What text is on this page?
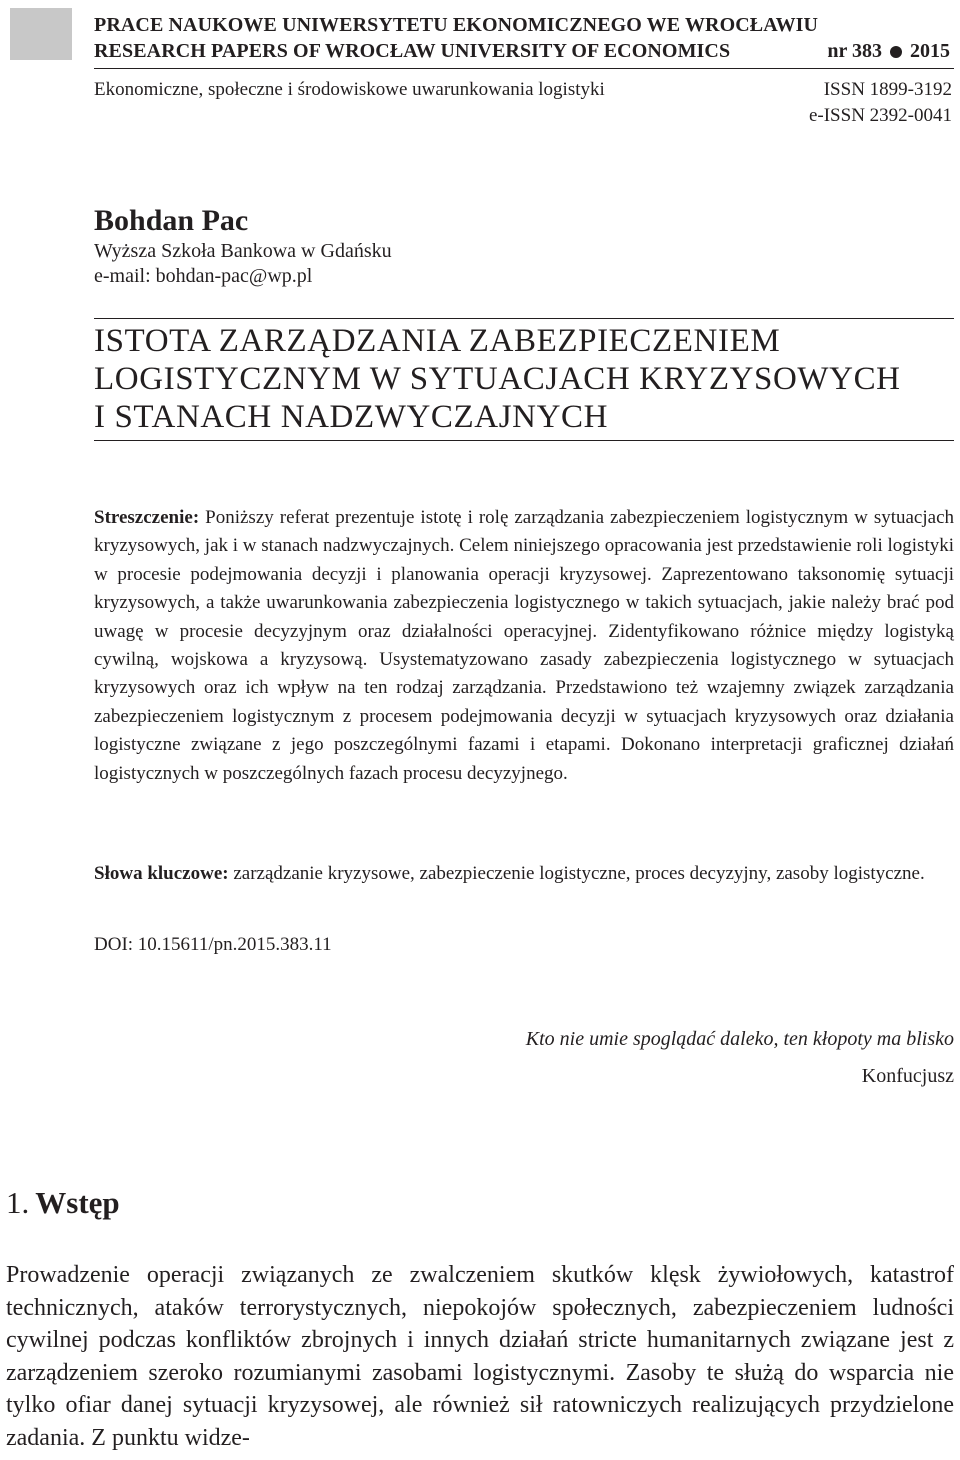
PRACE NAUKOWE UNIWERSYTETU EKONOMICZNEGO WE WROCŁAWIU
RESEARCH PAPERS OF WROCŁAW UNIVERSITY OF ECONOMICS	nr 383 2015
Ekonomiczne, społeczne i środowiskowe uwarunkowania logistyki	ISSN 1899-3192
e-ISSN 2392-0041
Bohdan Pac
Wyższa Szkoła Bankowa w Gdańsku
e-mail: bohdan-pac@wp.pl
ISTOTA ZARZĄDZANIA ZABEZPIECZENIEM
LOGISTYCZNYM W SYTUACJACH KRYZYSOWYCH
I STANACH NADZWYCZAJNYCH

Streszczenie: Poniższy referat prezentuje istotę i rolę zarządzania zabezpieczeniem logistycznym w sytuacjach kryzysowych, jak i w stanach nadzwyczajnych. Celem niniejszego opracowania jest przedstawienie roli logistyki w procesie podejmowania decyzji i planowania operacji kryzysowej. Zaprezentowano taksonomię sytuacji kryzysowych, a także uwarunkowania zabezpieczenia logistycznego w takich sytuacjach, jakie należy brać pod uwagę w procesie decyzyjnym oraz działalności operacyjnej. Zidentyfikowano różnice między logistyką cywilną, wojskowa a kryzysową. Usystematyzowano zasady zabezpieczenia logistycznego w sytuacjach kryzysowych oraz ich wpływ na ten rodzaj zarządzania. Przedstawiono też wzajemny związek zarządzania zabezpieczeniem logistycznym z procesem podejmowania decyzji w sytuacjach kryzysowych oraz działania logistyczne związane z jego poszczególnymi fazami i etapami. Dokonano interpretacji graficznej działań logistycznych w poszczególnych fazach procesu decyzyjnego.

Słowa kluczowe: zarządzanie kryzysowe, zabezpieczenie logistyczne, proces decyzyjny, zasoby logistyczne.

DOI: 10.15611/pn.2015.383.11
Kto nie umie spoglądać daleko, ten kłopoty ma blisko
Konfucjusz
1. Wstęp

Prowadzenie operacji związanych ze zwalczeniem skutków klęsk żywiołowych, katastrof technicznych, ataków terrorystycznych, niepokojów społecznych, zabezpieczeniem ludności cywilnej podczas konfliktów zbrojnych i innych działań stricte humanitarnych związane jest z zarządzeniem szeroko rozumianymi zasobami logistycznymi. Zasoby te służą do wsparcia nie tylko ofiar danej sytuacji kryzysowej, ale również sił ratowniczych realizujących przydzielone zadania. Z punktu widze-
